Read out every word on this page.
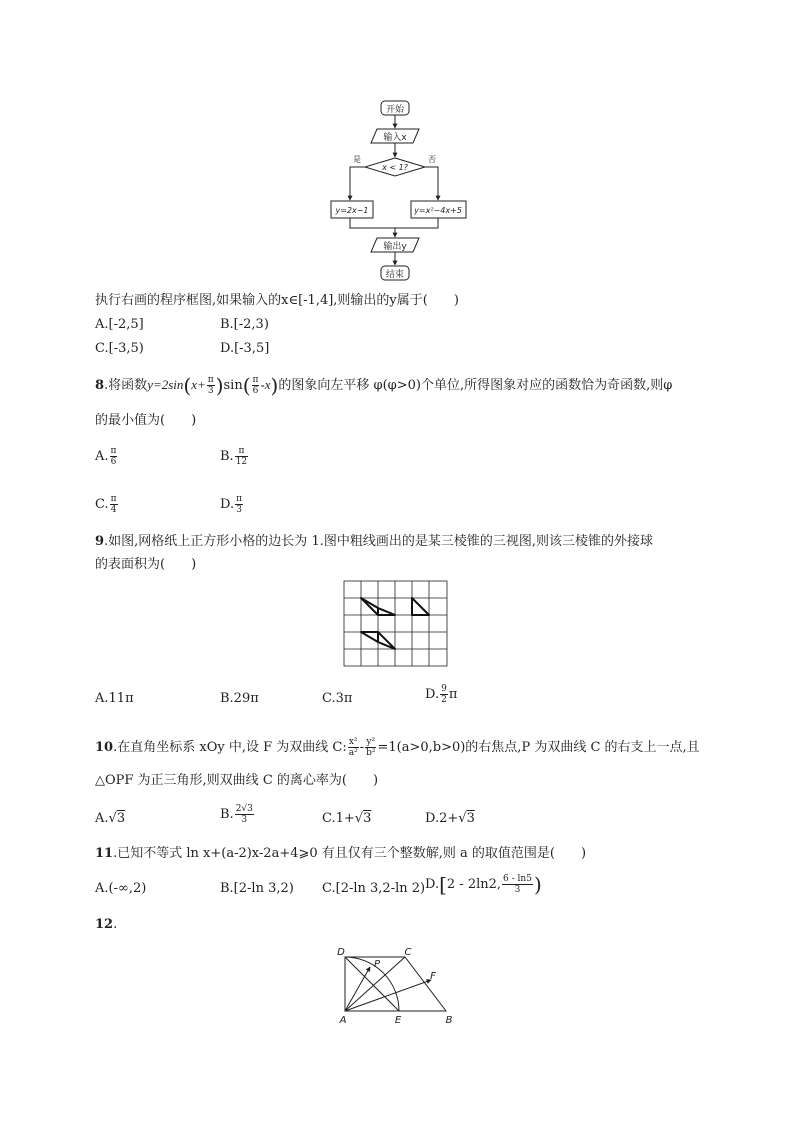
开始
输入x
x < 1?
是	否
y=2x−1	y=x²−4x+5
输出y
结束
执行右画的程序框图,如果输入的x∈[-1,4],则输出的y属于(　　)
A.[-2,5]	B.[-2,3)
C.[-3,5)	D.[-3,5]
8.将函数$y=2\sin(x+ \frac{\pi}{3} )\sin( \frac{\pi}{6} -x)$的图象向左平移 φ(φ>0)个单位,所得图象对应的函数恰为奇函数,则φ
的最小值为(　　)
A. $\frac{\pi}{6}$	B. $\frac{\pi}{12}$
C. $\frac{\pi}{4}$	D. $\frac{\pi}{3}$
9.如图,网格纸上正方形小格的边长为 1.图中粗线画出的是某三棱锥的三视图,则该三棱锥的外接球
的表面积为(　　)
A.11π	B.29π	C.3π	D. $\frac{9}{2}$ π
10.在直角坐标系 xOy 中,设 F 为双曲线 C: $\frac{\text{x²}}{\text{a²}} - \frac{\text{y²}}{\text{b²}} =1(a>0,b>0)$的右焦点,P 为双曲线 C 的右支上一点,且
△OPF 为正三角形,则双曲线 C 的离心率为(　　)
A.√3	B. $\frac{2√3}{3}$	C.1+√3	D.2+√3
11.已知不等式 ln x+(a-2)x-2a+4⩾0 有且仅有三个整数解,则 a 的取值范围是(　　)
A.(-∞,2)	B.[2-ln 3,2) C.[2-ln 3,2-ln 2) D.[2 - 2ln2, $\frac{6 - \ln 5}{3}$ )
12.
D	C
P
F
A	E	B
